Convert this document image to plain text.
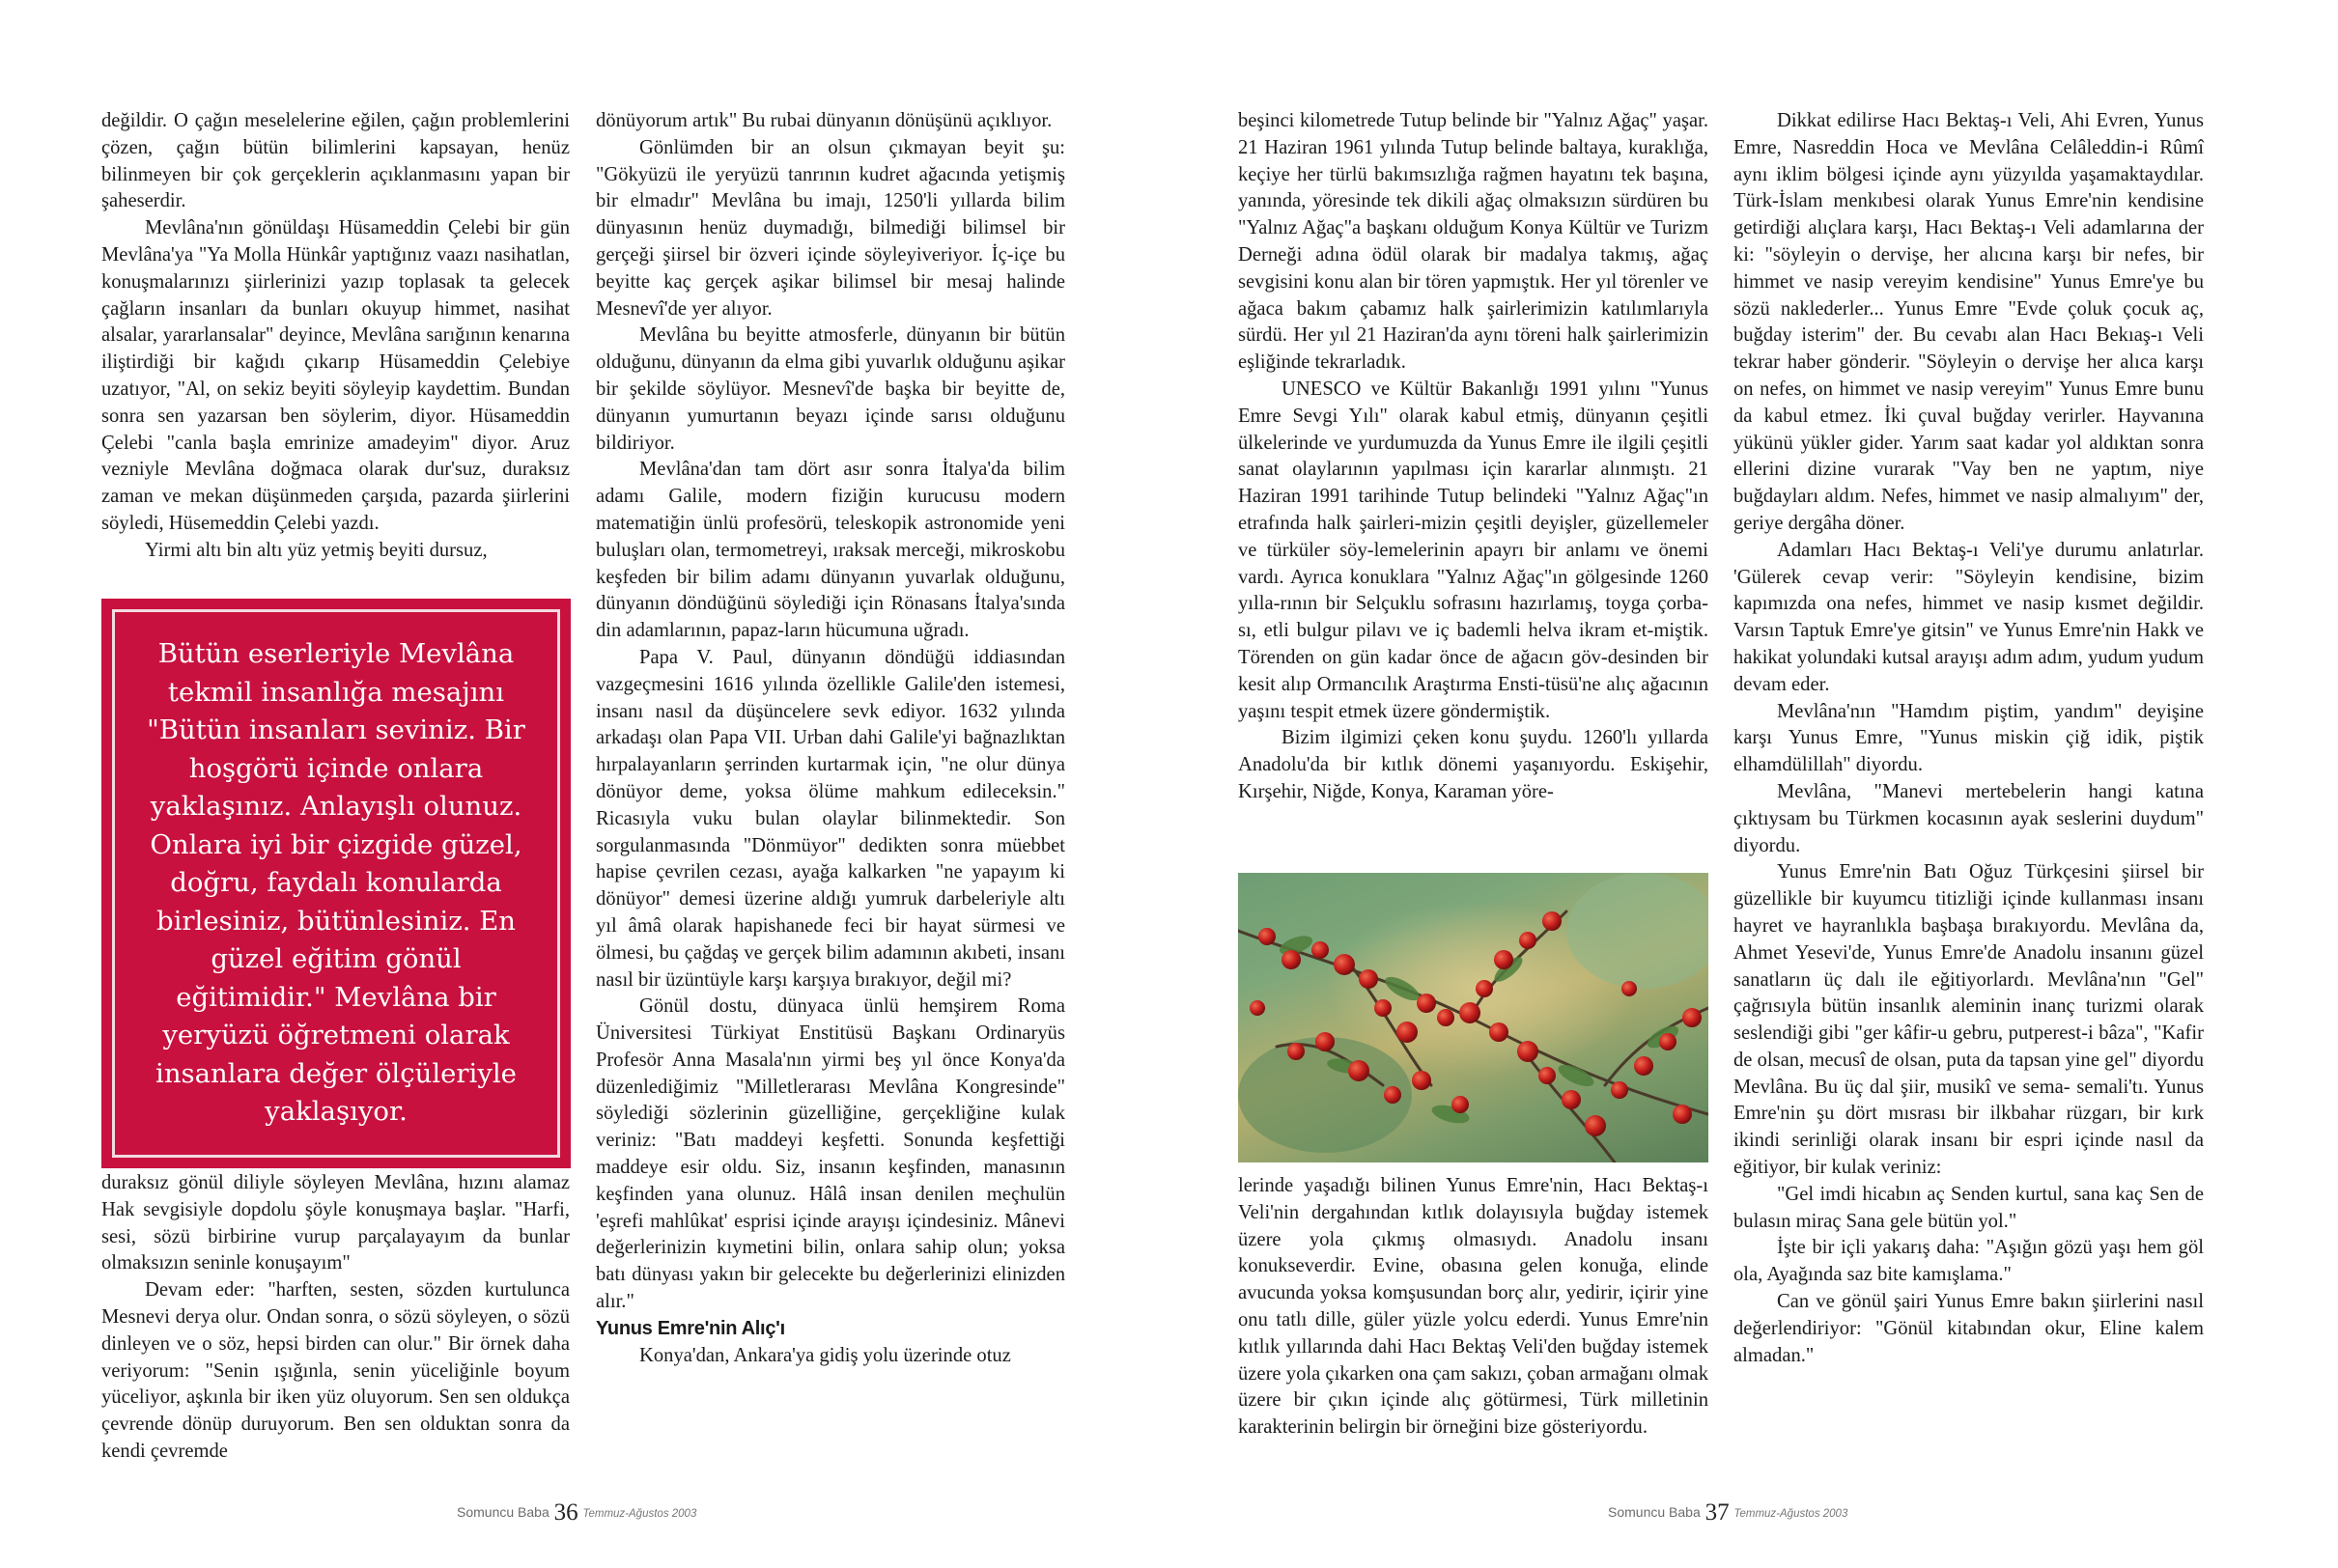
değildir. O çağın meselelerine eğilen, çağın problemlerini çözen, çağın bütün bilimlerini kapsayan, henüz bilinmeyen bir çok gerçeklerin açıklanmasını yapan bir şaheserdir.

Mevlâna'nın gönüldaşı Hüsameddin Çelebi bir gün Mevlâna'ya "Ya Molla Hünkâr yaptığınız vaazı nasihatlan, konuşmalarınızı şiirlerinizi yazıp toplasak ta gelecek çağların insanları da bunları okuyup himmet, nasihat alsalar, yararlansalar" deyince, Mevlâna sarığının kenarına iliştirdiği bir kağıdı çıkarıp Hüsameddin Çelebiye uzatıyor, "Al, on sekiz beyiti söyleyip kaydettim. Bundan sonra sen yazarsan ben söylerim, diyor. Hüsameddin Çelebi "canla başla emrinize amadeyim" diyor. Aruz vezniyle Mevlâna doğmaca olarak dur'suz, duraksız zaman ve mekan düşünmeden çarşıda, pazarda şiirlerini söyledi, Hüsemeddin Çelebi yazdı.

Yirmi altı bin altı yüz yetmiş beyiti dursuz,

Bütün eserleriyle Mevlâna tekmil insanlığa mesajını "Bütün insanları seviniz. Bir hoşgörü içinde onlara yaklaşınız. Anlayışlı olunuz. Onlara iyi bir çizgide güzel, doğru, faydalı konularda birlesiniz, bütünlesiniz. En güzel eğitim gönül eğitimidir." Mevlâna bir yeryüzü öğretmeni olarak insanlara değer ölçüleriyle yaklaşıyor.

duraksız gönül diliyle söyleyen Mevlâna, hızını alamaz Hak sevgisiyle dopdolu şöyle konuşmaya başlar. "Harfi, sesi, sözü birbirine vurup parçalayayım da bunlar olmaksızın seninle konuşayım"

Devam eder: "harften, sesten, sözden kurtulunca Mesnevi derya olur. Ondan sonra, o sözü söyleyen, o sözü dinleyen ve o söz, hepsi birden can olur." Bir örnek daha veriyorum: "Senin ışığınla, senin yüceliğinle boyum yüceliyor, aşkınla bir iken yüz oluyorum. Sen sen oldukça çevrende dönüp duruyorum. Ben sen olduktan sonra da kendi çevremde

dönüyorum artık" Bu rubai dünyanın dönüşünü açıklıyor.

Gönlümden bir an olsun çıkmayan beyit şu: "Gökyüzü ile yeryüzü tanrının kudret ağacında yetişmiş bir elmadır" Mevlâna bu imajı, 1250'li yıllarda bilim dünyasının henüz duymadığı, bilmediği bilimsel bir gerçeği şiirsel bir özveri içinde söyleyiveriyor. İç-içe bu beyitte kaç gerçek aşikar bilimsel bir mesaj halinde Mesnevî'de yer alıyor.

Mevlâna bu beyitte atmosferle, dünyanın bir bütün olduğunu, dünyanın da elma gibi yuvarlık olduğunu aşikar bir şekilde söylüyor. Mesnevî'de başka bir beyitte de, dünyanın yumurtanın beyazı içinde sarısı olduğunu bildiriyor.

Mevlâna'dan tam dört asır sonra İtalya'da bilim adamı Galile, modern fiziğin kurucusu modern matematiğin ünlü profesörü, teleskopik astronomide yeni buluşları olan, termometreyi, ıraksak merceği, mikroskobu keşfeden bir bilim adamı dünyanın yuvarlak olduğunu, dünyanın döndüğünü söylediği için Rönasans İtalya'sında din adamlarının, papaz-ların hücumuna uğradı.

Papa V. Paul, dünyanın döndüğü iddiasından vazgeçmesini 1616 yılında özellikle Galile'den istemesi, insanı nasıl da düşüncelere sevk ediyor. 1632 yılında arkadaşı olan Papa VII. Urban dahi Galile'yi bağnazlıktan hırpalayanların şerrinden kurtarmak için, "ne olur dünya dönüyor deme, yoksa ölüme mahkum edileceksin." Ricasıyla vuku bulan olaylar bilinmektedir. Son sorgulanmasında "Dönmüyor" dedikten sonra müebbet hapise çevrilen cezası, ayağa kalkarken "ne yapayım ki dönüyor" demesi üzerine aldığı yumruk darbeleriyle altı yıl âmâ olarak hapishanede feci bir hayat sürmesi ve ölmesi, bu çağdaş ve gerçek bilim adamının akıbeti, insanı nasıl bir üzüntüyle karşı karşıya bırakıyor, değil mi?

Gönül dostu, dünyaca ünlü hemşirem Roma Üniversitesi Türkiyat Enstitüsü Başkanı Ordinaryüs Profesör Anna Masala'nın yirmi beş yıl önce Konya'da düzenlediğimiz "Milletlerarası Mevlâna Kongresinde" söylediği sözlerinin güzelliğine, gerçekliğine kulak veriniz: "Batı maddeyi keşfetti. Sonunda keşfettiği maddeye esir oldu. Siz, insanın keşfinden, manasının keşfinden yana olunuz. Hâlâ insan denilen meçhulün 'eşrefi mahlûkat' esprisi içinde arayışı içindesiniz. Mânevi değerlerinizin kıymetini bilin, onlara sahip olun; yoksa batı dünyası yakın bir gelecekte bu değerlerinizi elinizden alır."

Yunus Emre'nin Alıç'ı

Konya'dan, Ankara'ya gidiş yolu üzerinde otuz

Somuncu Baba 36 Temmuz-Ağustos 2003

beşinci kilometrede Tutup belinde bir "Yalnız Ağaç" yaşar. 21 Haziran 1961 yılında Tutup belinde baltaya, kuraklığa, keçiye her türlü bakımsızlığa rağmen hayatını tek başına, yanında, yöresinde tek dikili ağaç olmaksızın sürdüren bu "Yalnız Ağaç"a başkanı olduğum Konya Kültür ve Turizm Derneği adına ödül olarak bir madalya takmış, ağaç sevgisini konu alan bir tören yapmıştık. Her yıl törenler ve ağaca bakım çabamız halk şairlerimizin katılımlarıyla sürdü. Her yıl 21 Haziran'da aynı töreni halk şairlerimizin eşliğinde tekrarladık.

UNESCO ve Kültür Bakanlığı 1991 yılını "Yunus Emre Sevgi Yılı" olarak kabul etmiş, dünyanın çeşitli ülkelerinde ve yurdumuzda da Yunus Emre ile ilgili çeşitli sanat olaylarının yapılması için kararlar alınmıştı. 21 Haziran 1991 tarihinde Tutup belindeki "Yalnız Ağaç"ın etrafında halk şairleri-mizin çeşitli deyişler, güzellemeler ve türküler söy-lemelerinin apayrı bir anlamı ve önemi vardı. Ayrıca konuklara "Yalnız Ağaç"ın gölgesinde 1260 yılla-rının bir Selçuklu sofrasını hazırlamış, toyga çorba-sı, etli bulgur pilavı ve iç bademli helva ikram et-miştik. Törenden on gün kadar önce de ağacın göv-desinden bir kesit alıp Ormancılık Araştırma Ensti-tüsü'ne alıç ağacının yaşını tespit etmek üzere göndermiştik.

Bizim ilgimizi çeken konu şuydu. 1260'lı yıllarda Anadolu'da bir kıtlık dönemi yaşanıyordu. Eskişehir, Kırşehir, Niğde, Konya, Karaman yöre-

lerinde yaşadığı bilinen Yunus Emre'nin, Hacı Bektaş-ı Veli'nin dergahından kıtlık dolayısıyla buğday istemek üzere yola çıkmış olmasıydı. Anadolu insanı konukseverdir. Evine, obasına gelen konuğa, elinde avucunda yoksa komşusundan borç alır, yedirir, içirir yine onu tatlı dille, güler yüzle yolcu ederdi. Yunus Emre'nin kıtlık yıllarında dahi Hacı Bektaş Veli'den buğday istemek üzere yola çıkarken ona çam sakızı, çoban armağanı olmak üzere bir çıkın içinde alıç götürmesi, Türk milletinin karakterinin belirgin bir örneğini bize gösteriyordu.

Dikkat edilirse Hacı Bektaş-ı Veli, Ahi Evren, Yunus Emre, Nasreddin Hoca ve Mevlâna Celâleddin-i Rûmî aynı iklim bölgesi içinde aynı yüzyılda yaşamaktaydılar. Türk-İslam menkıbesi olarak Yunus Emre'nin kendisine getirdiği alıçlara karşı, Hacı Bektaş-ı Veli adamlarına der ki: "söyleyin o dervişe, her alıcına karşı bir nefes, bir himmet ve nasip vereyim kendisine" Yunus Emre'ye bu sözü naklederler... Yunus Emre "Evde çoluk çocuk aç, buğday isterim" der. Bu cevabı alan Hacı Bekıaş-ı Veli tekrar haber gönderir. "Söyleyin o dervişe her alıca karşı on nefes, on himmet ve nasip vereyim" Yunus Emre bunu da kabul etmez. İki çuval buğday verirler. Hayvanına yükünü yükler gider. Yarım saat kadar yol aldıktan sonra ellerini dizine vurarak "Vay ben ne yaptım, niye buğdayları aldım. Nefes, himmet ve nasip almalıyım" der, geriye dergâha döner.

Adamları Hacı Bektaş-ı Veli'ye durumu anlatırlar. 'Gülerek cevap verir: "Söyleyin kendisine, bizim kapımızda ona nefes, himmet ve nasip kısmet değildir. Varsın Taptuk Emre'ye gitsin" ve Yunus Emre'nin Hakk ve hakikat yolundaki kutsal arayışı adım adım, yudum yudum devam eder.

Mevlâna'nın "Hamdım piştim, yandım" deyişine karşı Yunus Emre, "Yunus miskin çiğ idik, piştik elhamdülillah" diyordu.

Mevlâna, "Manevi mertebelerin hangi katına çıktıysam bu Türkmen kocasının ayak seslerini duydum" diyordu.

Yunus Emre'nin Batı Oğuz Türkçesini şiirsel bir güzellikle bir kuyumcu titizliği içinde kullanması insanı hayret ve hayranlıkla başbaşa bırakıyordu. Mevlâna da, Ahmet Yesevi'de, Yunus Emre'de Anadolu insanını güzel sanatların üç dalı ile eğitiyorlardı. Mevlâna'nın "Gel" çağrısıyla bütün insanlık aleminin inanç turizmi olarak seslendiği gibi "ger kâfir-u gebru, putperest-i bâza", "Kafir de olsan, mecusî de olsan, puta da tapsan yine gel" diyordu Mevlâna. Bu üç dal şiir, musikî ve sema- semali'tı. Yunus Emre'nin şu dört mısrası bir ilkbahar rüzgarı, bir kırk ikindi serinliği olarak insanı bir espri içinde nasıl da eğitiyor, bir kulak veriniz:

"Gel imdi hicabın aç Senden kurtul, sana kaç Sen de bulasın miraç Sana gele bütün yol."

İşte bir içli yakarış daha: "Aşığın gözü yaşı hem göl ola, Ayağında saz bite kamışlama."

Can ve gönül şairi Yunus Emre bakın şiirlerini nasıl değerlendiriyor: "Gönül kitabından okur, Eline kalem almadan."

Somuncu Baba 37 Temmuz-Ağustos 2003
